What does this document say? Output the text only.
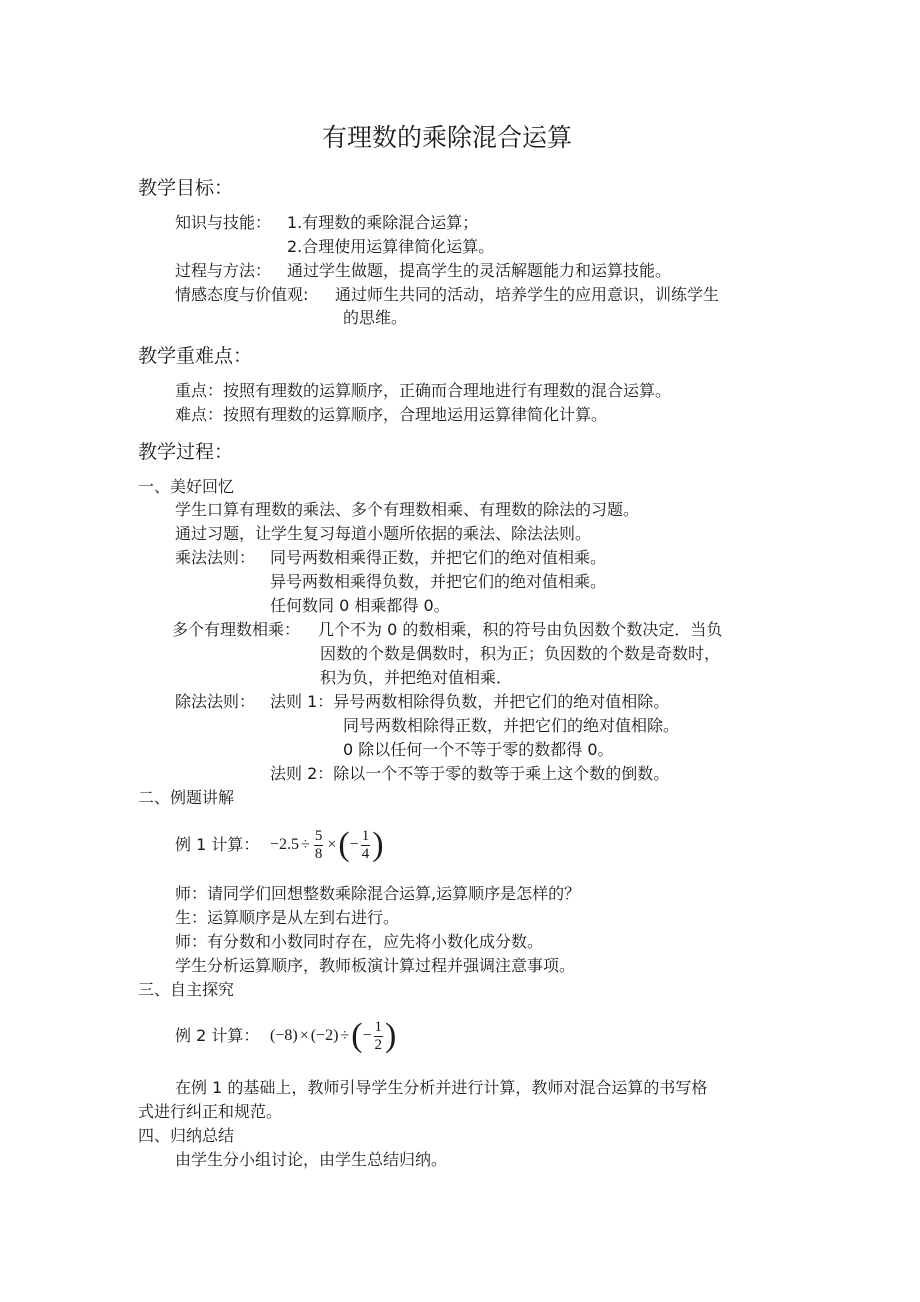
有理数的乘除混合运算
教学目标：
知识与技能： 1.有理数的乘除混合运算；
2.合理使用运算律简化运算。
过程与方法： 通过学生做题，提高学生的灵活解题能力和运算技能。
情感态度与价值观: 通过师生共同的活动，培养学生的应用意识，训练学生
的思维。
教学重难点：
重点：按照有理数的运算顺序，正确而合理地进行有理数的混合运算。
难点：按照有理数的运算顺序，合理地运用运算律简化计算。
教学过程：
一、美好回忆
学生口算有理数的乘法、多个有理数相乘、有理数的除法的习题。
通过习题，让学生复习每道小题所依据的乘法、除法法则。
乘法法则： 同号两数相乘得正数，并把它们的绝对值相乘。
异号两数相乘得负数，并把它们的绝对值相乘。
任何数同 0 相乘都得 0。
多个有理数相乘： 几个不为 0 的数相乘，积的符号由负因数个数决定．当负
因数的个数是偶数时，积为正；负因数的个数是奇数时，
积为负，并把绝对值相乘．
除法法则： 法则 1：异号两数相除得负数，并把它们的绝对值相除。
同号两数相除得正数，并把它们的绝对值相除。
0 除以任何一个不等于零的数都得 0。
法则 2：除以一个不等于零的数等于乘上这个数的倒数。
二、例题讲解
例 1 计算： $-2.5 \div \frac{5}{8}$ × ( − $\frac{1}{4}$ )
师：请同学们回想整数乘除混合运算,运算顺序是怎样的？
生：运算顺序是从左到右进行。
师：有分数和小数同时存在，应先将小数化成分数。
学生分析运算顺序，教师板演计算过程并强调注意事项。
三、自主探究
例 2 计算： (−8) × (−2) ÷ ( − $\frac{1}{2}$ )
在例 1 的基础上，教师引导学生分析并进行计算，教师对混合运算的书写格
式进行纠正和规范。
四、归纳总结
由学生分小组讨论，由学生总结归纳。
